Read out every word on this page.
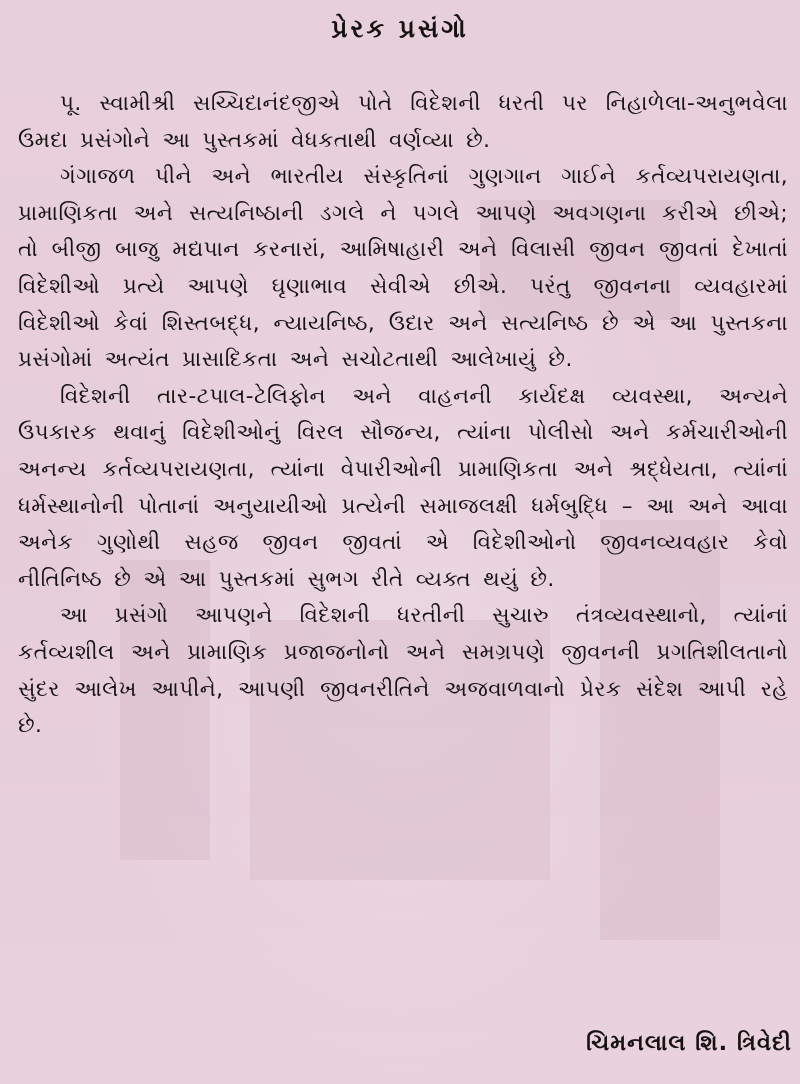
પ્રેરક પ્રસંગો

પૂ. સ્વામીશ્રી સચ્ચિદાનંદજીએ પોતે વિદેશની ધરતી પર નિહાળેલા-અનુભવેલા ઉમદા પ્રસંગોને આ પુસ્તકમાં વેધકતાથી વર્ણવ્યા છે.

ગંગાજળ પીને અને ભારતીય સંસ્કૃતિનાં ગુણગાન ગાઈને કર્તવ્યપરાયણતા, પ્રામાણિકતા અને સત્યનિષ્ઠાની ડગલે ને પગલે આપણે અવગણના કરીએ છીએ; તો બીજી બાજુ મદ્યપાન કરનારાં, આમિષાહારી અને વિલાસી જીવન જીવતાં દેખાતાં વિદેશીઓ પ્રત્યે આપણે ઘૃણાભાવ સેવીએ છીએ. પરંતુ જીવનના વ્યવહારમાં વિદેશીઓ કેવાં શિસ્તબદ્ધ, ન્યાયનિષ્ઠ, ઉદાર અને સત્યનિષ્ઠ છે એ આ પુસ્તકના પ્રસંગોમાં અત્યંત પ્રાસાદિકતા અને સચોટતાથી આલેખાયું છે.

વિદેશની તાર-ટપાલ-ટેલિફોન અને વાહનની કાર્યદક્ષ વ્યવસ્થા, અન્યને ઉપકારક થવાનું વિદેશીઓનું વિરલ સૌજન્ય, ત્યાંના પોલીસો અને કર્મચારીઓની અનન્ય કર્તવ્યપરાયણતા, ત્યાંના વેપારીઓની પ્રામાણિકતા અને શ્રદ્ધેયતા, ત્યાંનાં ધર્મસ્થાનોની પોતાનાં અનુયાયીઓ પ્રત્યેની સમાજલક્ષી ધર્મબુદ્ધિ – આ અને આવા અનેક ગુણોથી સહજ જીવન જીવતાં એ વિદેશીઓનો જીવનવ્યવહાર કેવો નીતિનિષ્ઠ છે એ આ પુસ્તકમાં સુભગ રીતે વ્યક્ત થયું છે.

આ પ્રસંગો આપણને વિદેશની ધરતીની સુચારુ તંત્રવ્યવસ્થાનો, ત્યાંનાં કર્તવ્યશીલ અને પ્રામાણિક પ્રજાજનોનો અને સમગ્રપણે જીવનની પ્રગતિશીલતાનો સુંદર આલેખ આપીને, આપણી જીવનરીતિને અજવાળવાનો પ્રેરક સંદેશ આપી રહે છે.

ચિમનલાલ શિ. ત્રિવેદી
